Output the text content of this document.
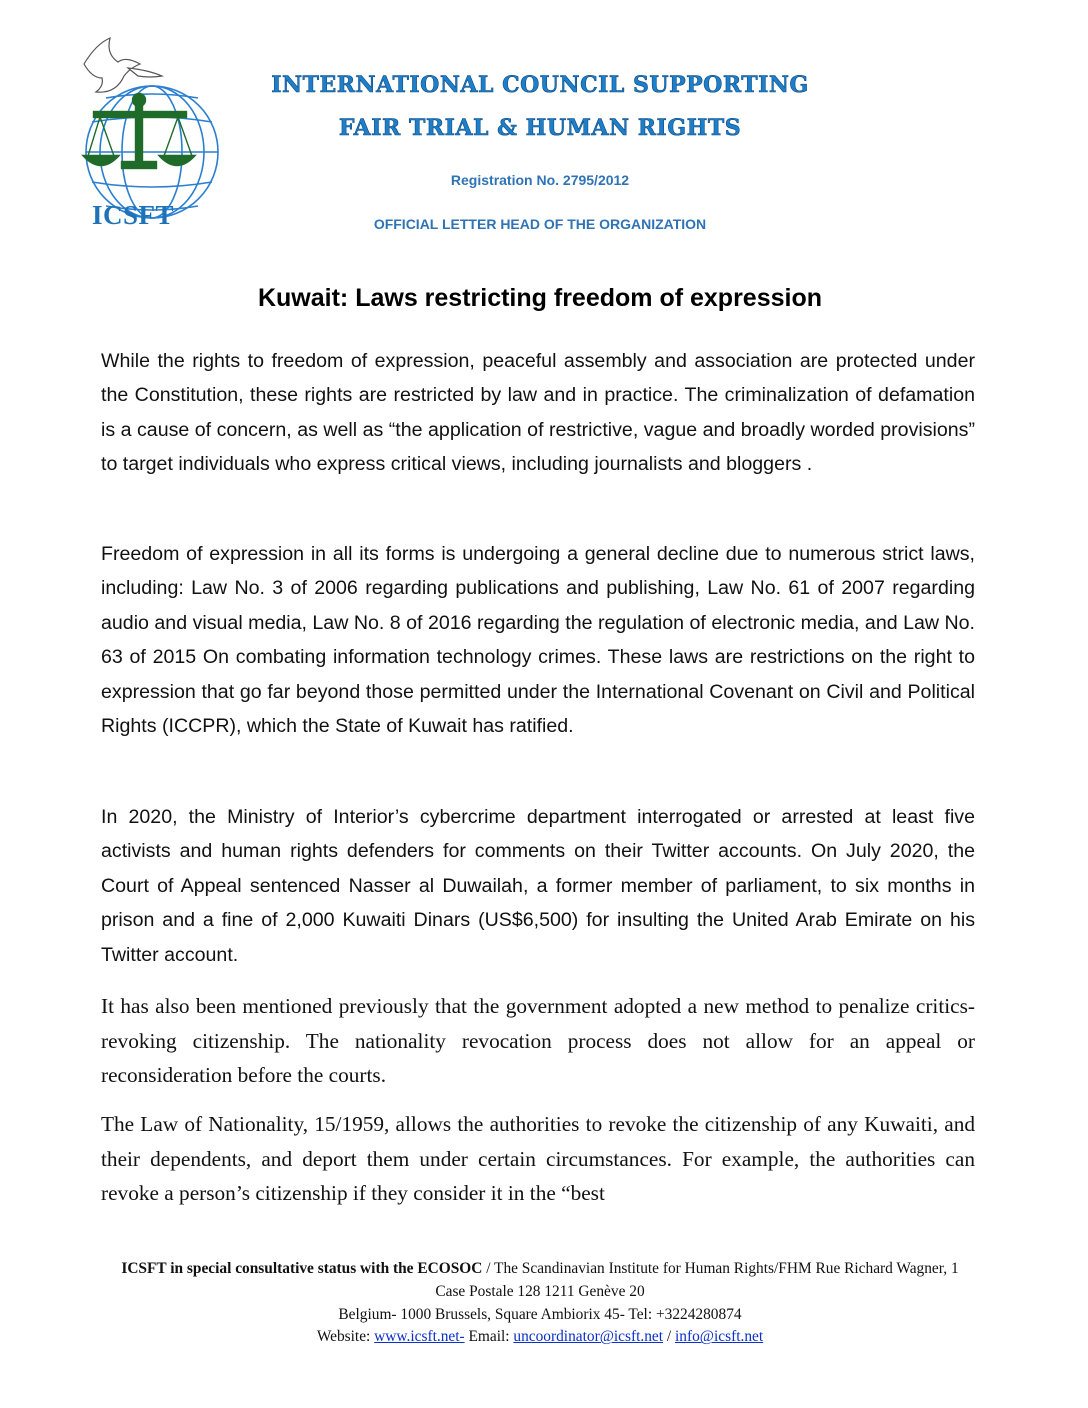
ICSFT
INTERNATIONAL COUNCIL SUPPORTING
FAIR TRIAL & HUMAN RIGHTS
Registration No. 2795/2012
OFFICIAL LETTER HEAD OF THE ORGANIZATION
Kuwait: Laws restricting freedom of expression

While the rights to freedom of expression, peaceful assembly and association are protected under the Constitution, these rights are restricted by law and in practice. The criminalization of defamation is a cause of concern, as well as “the application of restrictive, vague and broadly worded provisions” to target individuals who express critical views, including journalists and bloggers .

Freedom of expression in all its forms is undergoing a general decline due to numerous strict laws, including: Law No. 3 of 2006 regarding publications and publishing, Law No. 61 of 2007 regarding audio and visual media, Law No. 8 of 2016 regarding the regulation of electronic media, and Law No. 63 of 2015 On combating information technology crimes. These laws are restrictions on the right to expression that go far beyond those permitted under the International Covenant on Civil and Political Rights (ICCPR), which the State of Kuwait has ratified.

In 2020, the Ministry of Interior’s cybercrime department interrogated or arrested at least five activists and human rights defenders for comments on their Twitter accounts. On July 2020, the Court of Appeal sentenced Nasser al Duwailah, a former member of parliament, to six months in prison and a fine of 2,000 Kuwaiti Dinars (US$6,500) for insulting the United Arab Emirate on his Twitter account.

It has also been mentioned previously that the government adopted a new method to penalize critics- revoking citizenship. The nationality revocation process does not allow for an appeal or reconsideration before the courts.

The Law of Nationality, 15/1959, allows the authorities to revoke the citizenship of any Kuwaiti, and their dependents, and deport them under certain circumstances. For example, the authorities can revoke a person’s citizenship if they consider it in the “best

ICSFT in special consultative status with the ECOSOC / The Scandinavian Institute for Human Rights/FHM Rue Richard Wagner, 1 Case Postale 128 1211 Genève 20
Belgium- 1000 Brussels, Square Ambiorix 45- Tel: +3224280874
Website: www.icsft.net- Email: uncoordinator@icsft.net / info@icsft.net
